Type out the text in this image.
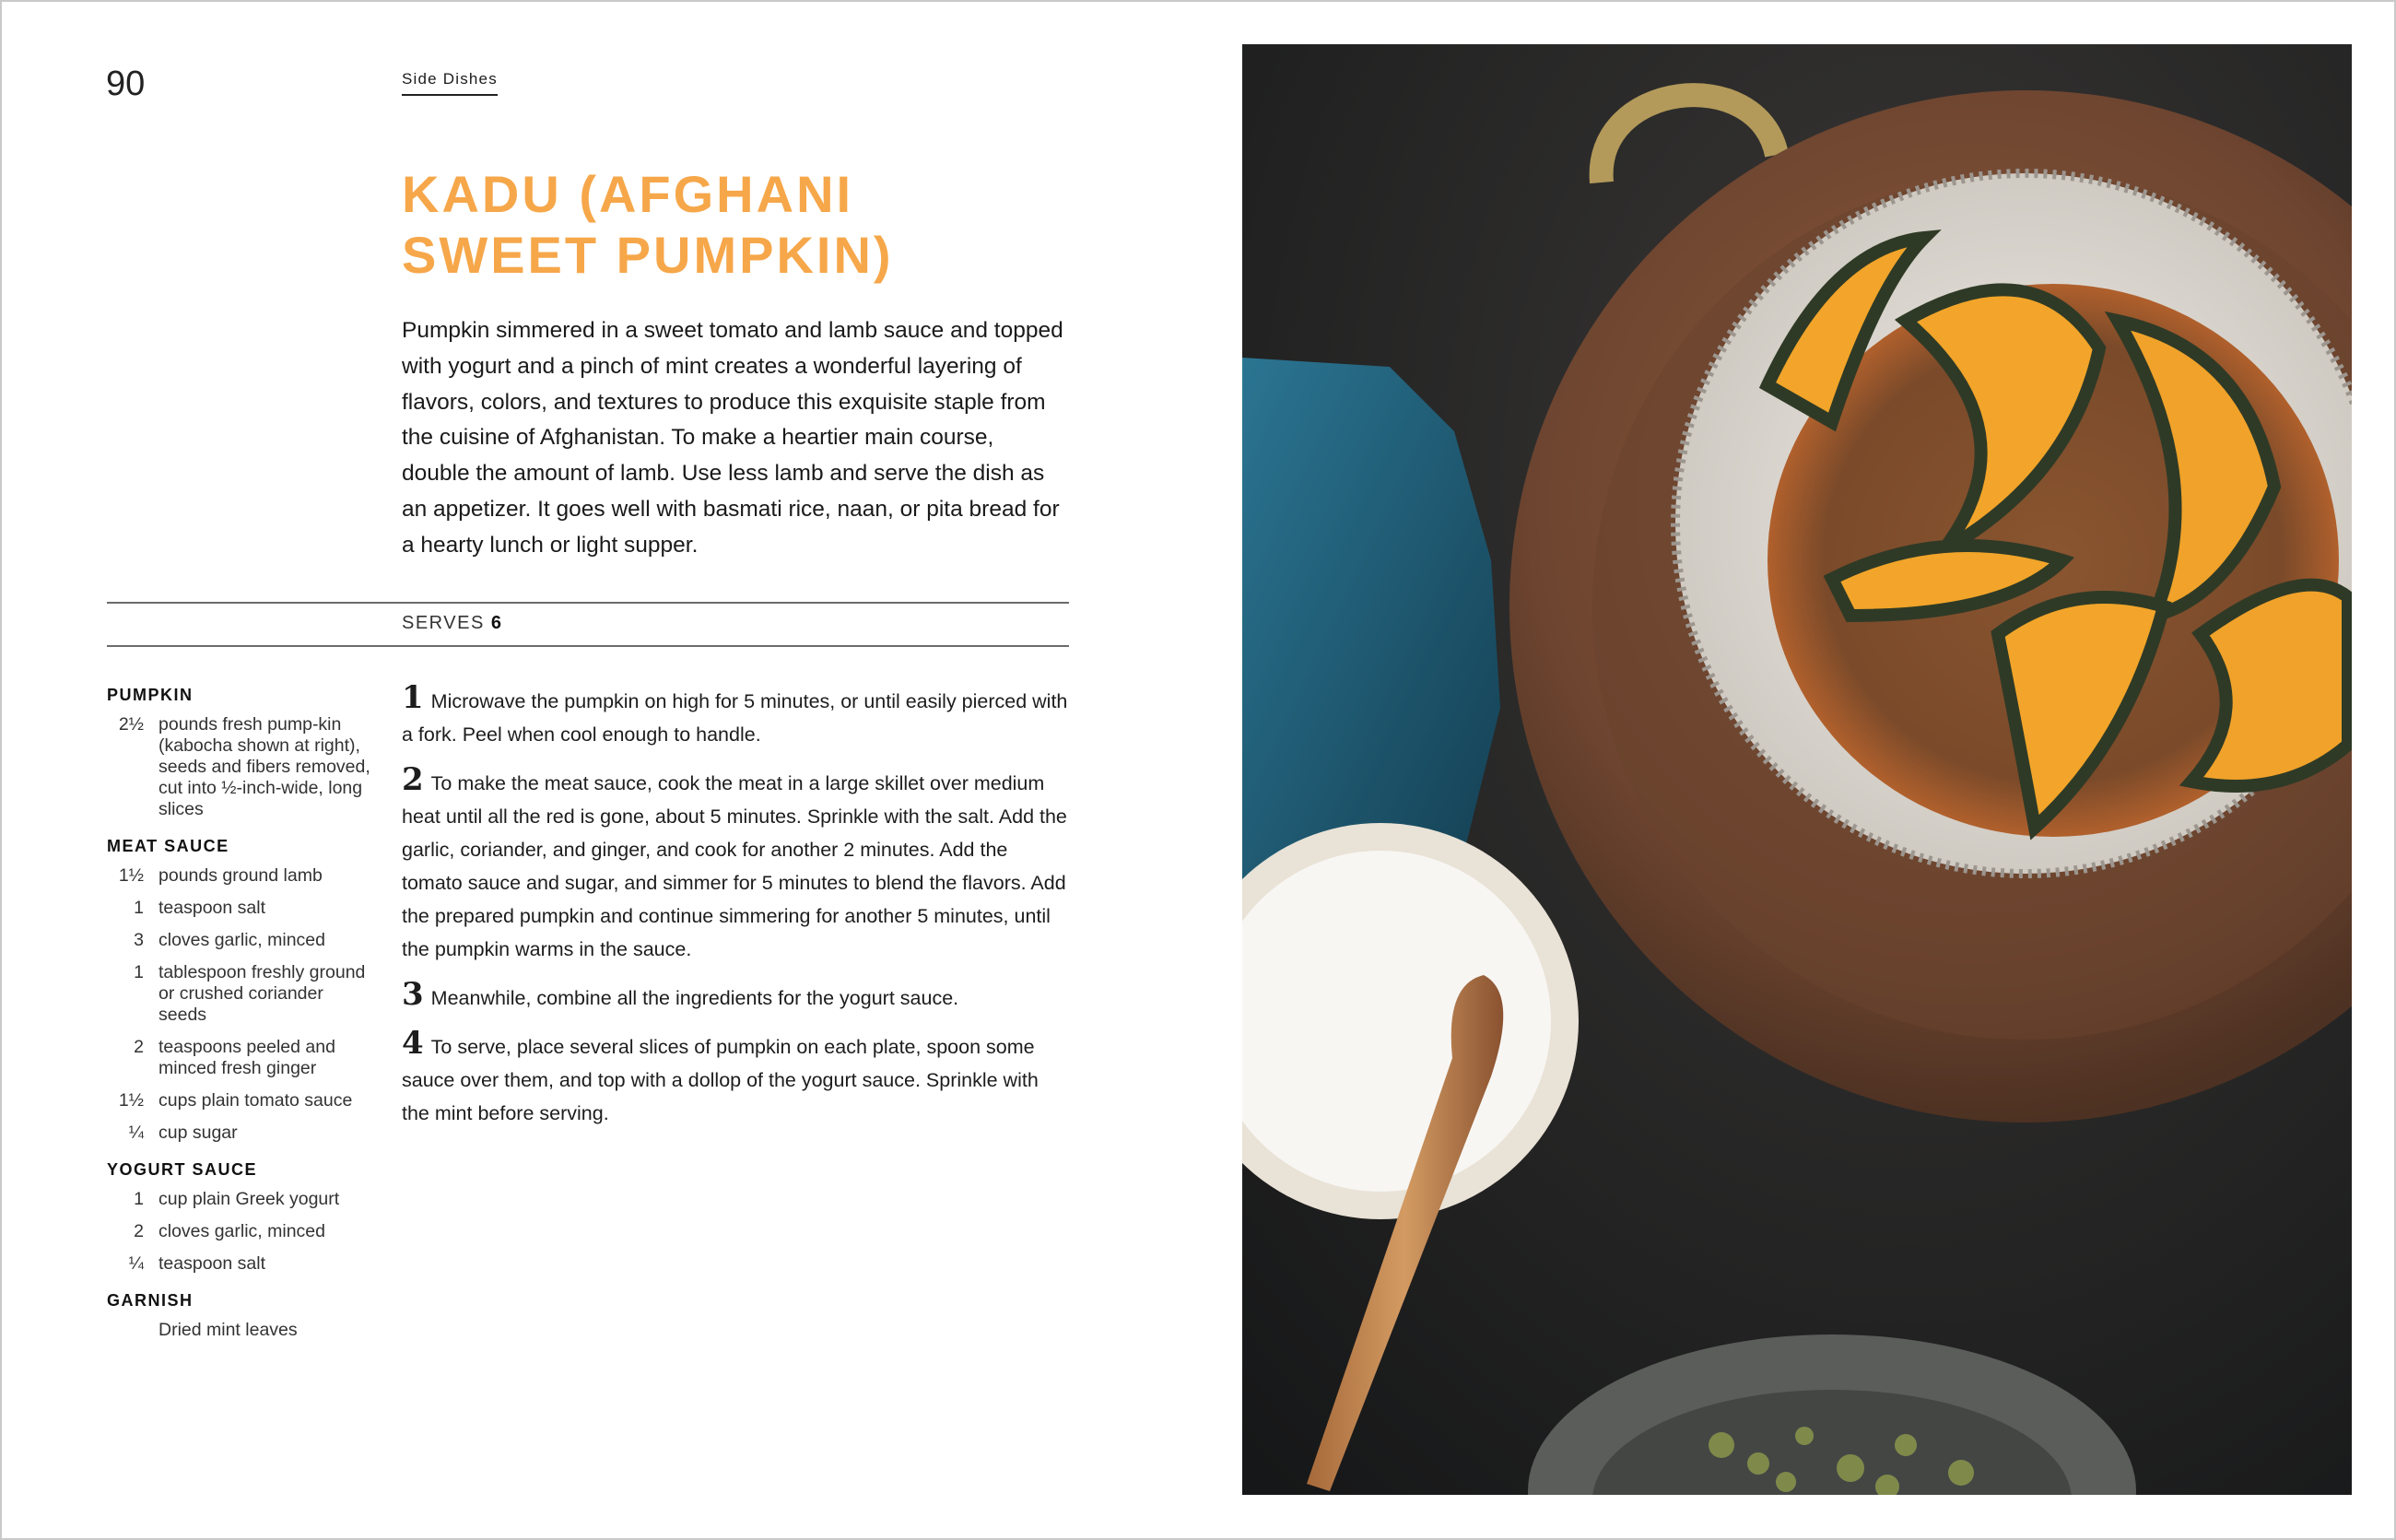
90	Side Dishes
KADU (AFGHANI SWEET PUMPKIN)

Pumpkin simmered in a sweet tomato and lamb sauce and topped with yogurt and a pinch of mint creates a wonderful layering of flavors, colors, and textures to produce this exquisite staple from the cuisine of Afghanistan. To make a heartier main course, double the amount of lamb. Use less lamb and serve the dish as an appetizer. It goes well with basmati rice, naan, or pita bread for a hearty lunch or light supper.

SERVES 6
PUMPKIN
2½ pounds fresh pump-kin (kabocha shown at right), seeds and fibers removed, cut into ½-inch-wide, long slices
MEAT SAUCE
1½ pounds ground lamb
1 teaspoon salt
3 cloves garlic, minced
1 tablespoon freshly ground or crushed coriander seeds
2 teaspoons peeled and minced fresh ginger
1½ cups plain tomato sauce
¼ cup sugar
YOGURT SAUCE
1 cup plain Greek yogurt
2 cloves garlic, minced
¼ teaspoon salt
GARNISH
Dried mint leaves

1 Microwave the pumpkin on high for 5 minutes, or until easily pierced with a fork. Peel when cool enough to handle.

2 To make the meat sauce, cook the meat in a large skillet over medium heat until all the red is gone, about 5 minutes. Sprinkle with the salt. Add the garlic, coriander, and ginger, and cook for another 2 minutes. Add the tomato sauce and sugar, and simmer for 5 minutes to blend the flavors. Add the prepared pumpkin and continue simmering for another 5 minutes, until the pumpkin warms in the sauce.

3 Meanwhile, combine all the ingredients for the yogurt sauce.

4 To serve, place several slices of pumpkin on each plate, spoon some sauce over them, and top with a dollop of the yogurt sauce. Sprinkle with the mint before serving.
